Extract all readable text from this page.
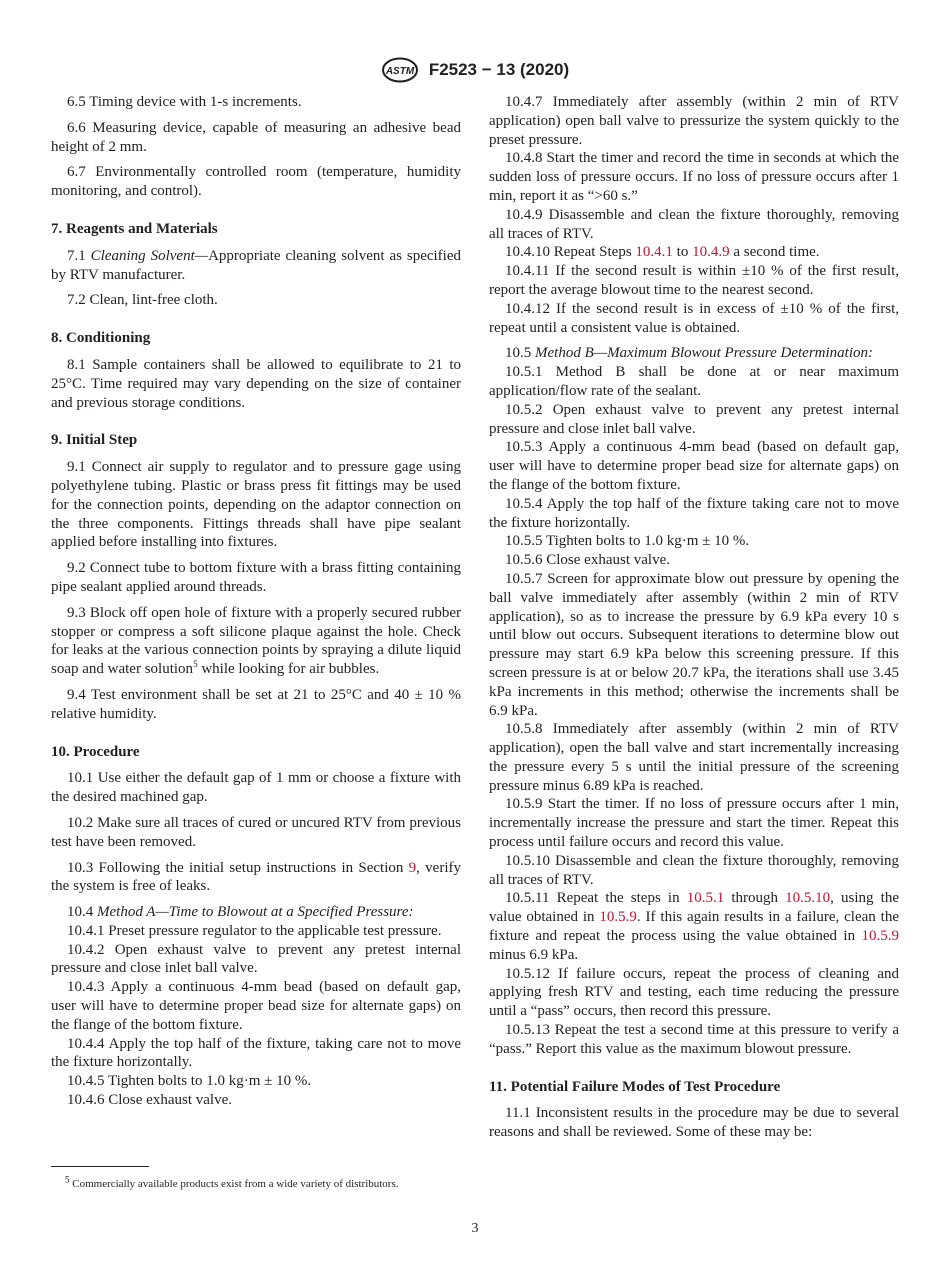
ASTM F2523 − 13 (2020)

6.5 Timing device with 1-s increments.

6.6 Measuring device, capable of measuring an adhesive bead height of 2 mm.

6.7 Environmentally controlled room (temperature, humidity monitoring, and control).

7. Reagents and Materials

7.1 Cleaning Solvent—Appropriate cleaning solvent as specified by RTV manufacturer.

7.2 Clean, lint-free cloth.

8. Conditioning

8.1 Sample containers shall be allowed to equilibrate to 21 to 25°C. Time required may vary depending on the size of container and previous storage conditions.

9. Initial Step

9.1 Connect air supply to regulator and to pressure gage using polyethylene tubing. Plastic or brass press fit fittings may be used for the connection points, depending on the adaptor connection on the three components. Fittings threads shall have pipe sealant applied before installing into fixtures.

9.2 Connect tube to bottom fixture with a brass fitting containing pipe sealant applied around threads.

9.3 Block off open hole of fixture with a properly secured rubber stopper or compress a soft silicone plaque against the hole. Check for leaks at the various connection points by spraying a dilute liquid soap and water solution$^5$ while looking for air bubbles.

9.4 Test environment shall be set at 21 to 25°C and 40 ± 10 % relative humidity.

10. Procedure

10.1 Use either the default gap of 1 mm or choose a fixture with the desired machined gap.

10.2 Make sure all traces of cured or uncured RTV from previous test have been removed.

10.3 Following the initial setup instructions in Section 9, verify the system is free of leaks.

10.4 Method A—Time to Blowout at a Specified Pressure:

10.4.1 Preset pressure regulator to the applicable test pressure.

10.4.2 Open exhaust valve to prevent any pretest internal pressure and close inlet ball valve.

10.4.3 Apply a continuous 4-mm bead (based on default gap, user will have to determine proper bead size for alternate gaps) on the flange of the bottom fixture.

10.4.4 Apply the top half of the fixture, taking care not to move the fixture horizontally.

10.4.5 Tighten bolts to 1.0 kg·m ± 10 %.

10.4.6 Close exhaust valve.

10.4.7 Immediately after assembly (within 2 min of RTV application) open ball valve to pressurize the system quickly to the preset pressure.

10.4.8 Start the timer and record the time in seconds at which the sudden loss of pressure occurs. If no loss of pressure occurs after 1 min, report it as “>60 s.”

10.4.9 Disassemble and clean the fixture thoroughly, removing all traces of RTV.

10.4.10 Repeat Steps 10.4.1 to 10.4.9 a second time.

10.4.11 If the second result is within ±10 % of the first result, report the average blowout time to the nearest second.

10.4.12 If the second result is in excess of ±10 % of the first, repeat until a consistent value is obtained.

10.5 Method B—Maximum Blowout Pressure Determination:

10.5.1 Method B shall be done at or near maximum application/flow rate of the sealant.

10.5.2 Open exhaust valve to prevent any pretest internal pressure and close inlet ball valve.

10.5.3 Apply a continuous 4-mm bead (based on default gap, user will have to determine proper bead size for alternate gaps) on the flange of the bottom fixture.

10.5.4 Apply the top half of the fixture taking care not to move the fixture horizontally.

10.5.5 Tighten bolts to 1.0 kg·m ± 10 %.

10.5.6 Close exhaust valve.

10.5.7 Screen for approximate blow out pressure by opening the ball valve immediately after assembly (within 2 min of RTV application), so as to increase the pressure by 6.9 kPa every 10 s until blow out occurs. Subsequent iterations to determine blow out pressure may start 6.9 kPa below this screening pressure. If this screen pressure is at or below 20.7 kPa, the iterations shall use 3.45 kPa increments in this method; otherwise the increments shall be 6.9 kPa.

10.5.8 Immediately after assembly (within 2 min of RTV application), open the ball valve and start incrementally increasing the pressure every 5 s until the initial pressure of the screening pressure minus 6.89 kPa is reached.

10.5.9 Start the timer. If no loss of pressure occurs after 1 min, incrementally increase the pressure and start the timer. Repeat this process until failure occurs and record this value.

10.5.10 Disassemble and clean the fixture thoroughly, removing all traces of RTV.

10.5.11 Repeat the steps in 10.5.1 through 10.5.10, using the value obtained in 10.5.9. If this again results in a failure, clean the fixture and repeat the process using the value obtained in 10.5.9 minus 6.9 kPa.

10.5.12 If failure occurs, repeat the process of cleaning and applying fresh RTV and testing, each time reducing the pressure until a “pass” occurs, then record this pressure.

10.5.13 Repeat the test a second time at this pressure to verify a “pass.” Report this value as the maximum blowout pressure.

11. Potential Failure Modes of Test Procedure

11.1 Inconsistent results in the procedure may be due to several reasons and shall be reviewed. Some of these may be:

$^5$ Commercially available products exist from a wide variety of distributors.
3
